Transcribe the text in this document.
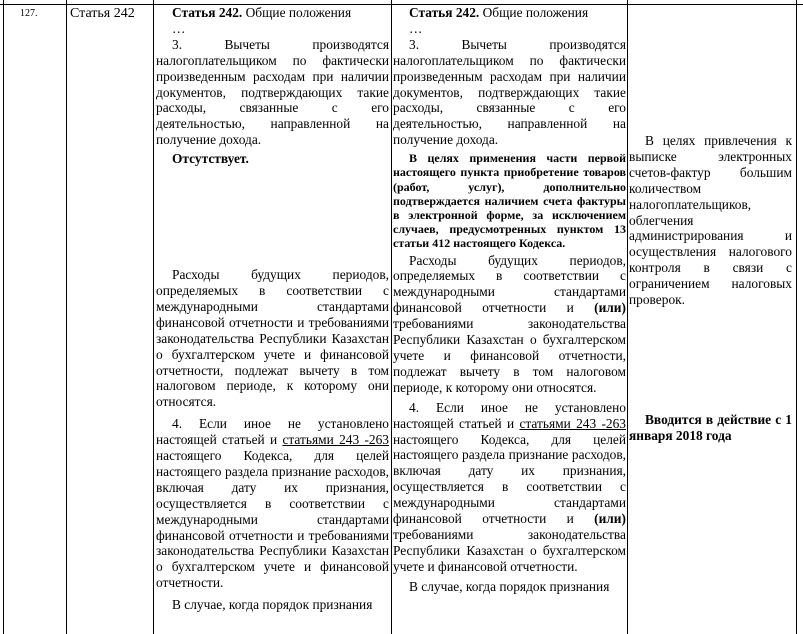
127. Статья 242	Статья 242. Общие положения

…

3. Вычеты производятся налогоплательщиком по фактически произведенным расходам при наличии документов, подтверждающих такие расходы, связанные с его деятельностью, направленной на получение дохода.

Отсутствует.

Расходы будущих периодов, определяемых в соответствии с международными стандартами финансовой отчетности и требованиями законодательства Республики Казахстан о бухгалтерском учете и финансовой отчетности, подлежат вычету в том налоговом периоде, к которому они относятся.

4. Если иное не установлено настоящей статьей и статьями 243 -263 настоящего Кодекса, для целей настоящего раздела признание расходов, включая дату их признания, осуществляется в соответствии с международными стандартами финансовой отчетности и требованиями законодательства Республики Казахстан о бухгалтерском учете и финансовой отчетности.

В случае, когда порядок признания

Статья 242. Общие положения

…

3. Вычеты производятся налогоплательщиком по фактически произведенным расходам при наличии документов, подтверждающих такие расходы, связанные с его деятельностью, направленной на получение дохода.

В целях применения части первой настоящего пункта приобретение товаров (работ, услуг), дополнительно подтверждается наличием счета фактуры в электронной форме, за исключением случаев, предусмотренных пунктом 13 статьи 412 настоящего Кодекса.

Расходы будущих периодов, определяемых в соответствии с международными стандартами финансовой отчетности и (или) требованиями законодательства Республики Казахстан о бухгалтерском учете и финансовой отчетности, подлежат вычету в том налоговом периоде, к которому они относятся.

4. Если иное не установлено настоящей статьей и статьями 243 -263 настоящего Кодекса, для целей настоящего раздела признание расходов, включая дату их признания, осуществляется в соответствии с международными стандартами финансовой отчетности и (или) требованиями законодательства Республики Казахстан о бухгалтерском учете и финансовой отчетности.

В случае, когда порядок признания

В целях привлечения к выписке электронных счетов-фактур большим количеством налогоплательщиков, облегчения администрирования и осуществления налогового контроля в связи с ограничением налоговых проверок.

Вводится в действие с 1 января 2018 года
